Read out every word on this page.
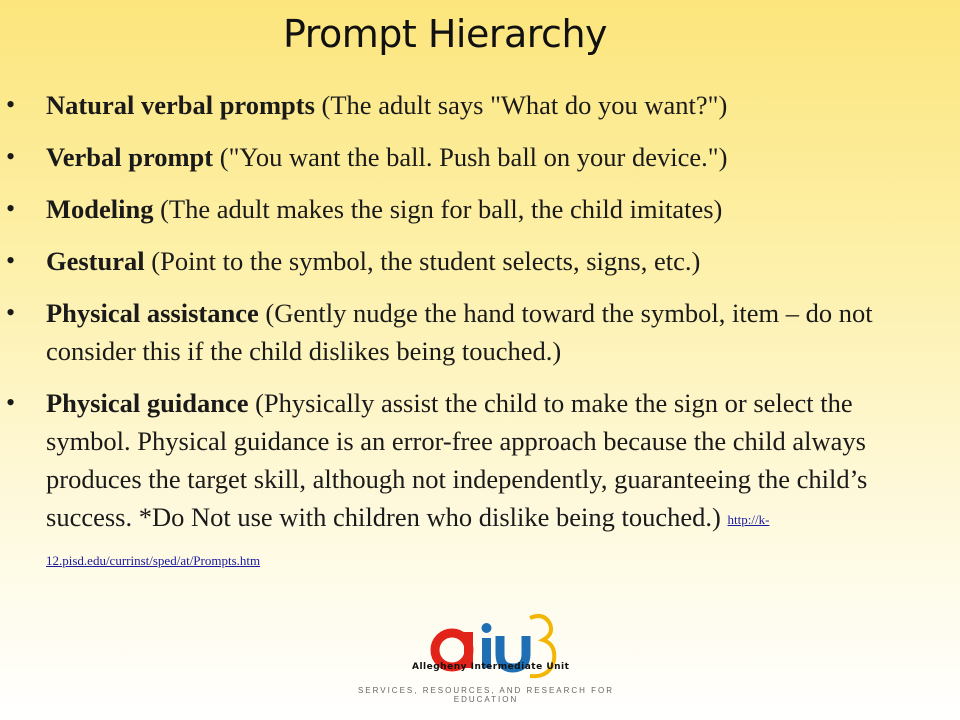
Prompt Hierarchy
• Natural verbal prompts (The adult says "What do you want?")
• Verbal prompt ("You want the ball. Push ball on your device.")
• Modeling (The adult makes the sign for ball, the child imitates)
• Gestural (Point to the symbol, the student selects, signs, etc.)
• Physical assistance (Gently nudge the hand toward the symbol, item – do not consider this if the child dislikes being touched.)
• Physical guidance (Physically assist the child to make the sign or select the symbol. Physical guidance is an error-free approach because the child always produces the target skill, although not independently, guaranteeing the child’s success. *Do Not use with children who dislike being touched.) http://k-12.pisd.edu/currinst/sped/at/Prompts.htm
Allegheny Intermediate Unit
SERVICES, RESOURCES, AND RESEARCH FOR EDUCATION
